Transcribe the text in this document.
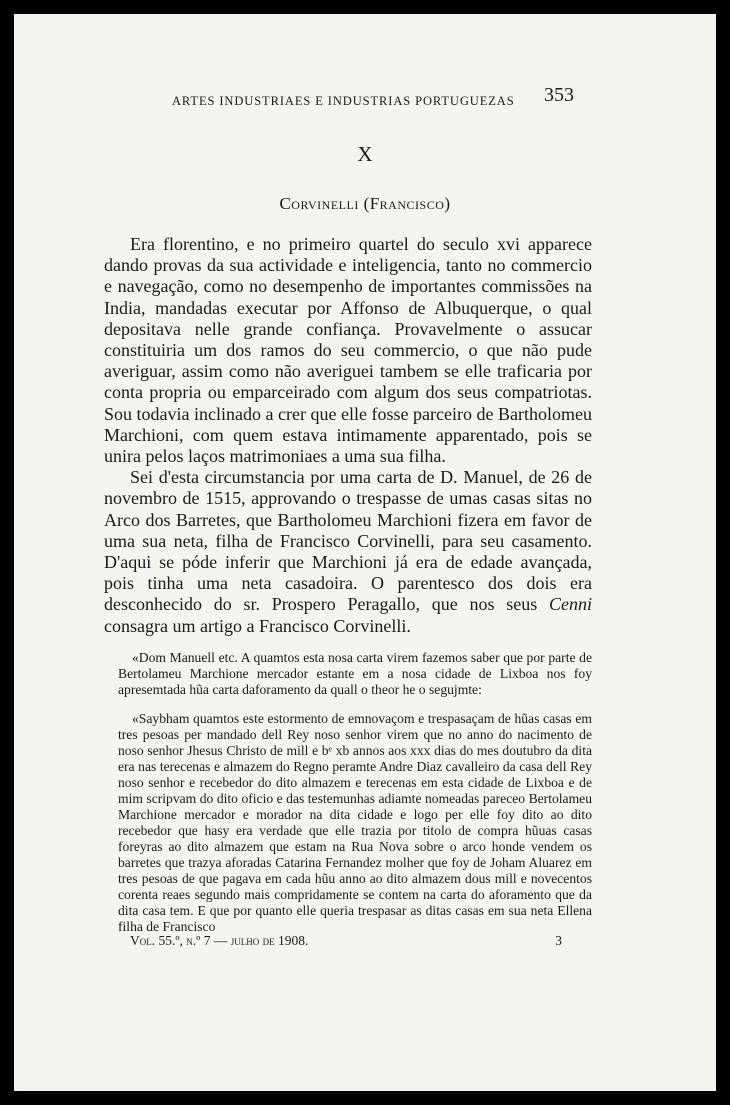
ARTES INDUSTRIAES E INDUSTRIAS PORTUGUEZAS	353
X
Corvinelli (Francisco)

Era florentino, e no primeiro quartel do seculo xvi apparece dando provas da sua actividade e inteligencia, tanto no commercio e navegação, como no desempenho de importantes commissões na India, mandadas executar por Affonso de Albuquerque, o qual depositava nelle grande confiança. Provavelmente o assucar constituiria um dos ramos do seu commercio, o que não pude averiguar, assim como não averiguei tambem se elle traficaria por conta propria ou emparceirado com algum dos seus compatriotas. Sou todavia inclinado a crer que elle fosse parceiro de Bartholomeu Marchioni, com quem estava intimamente apparentado, pois se unira pelos laços matrimoniaes a uma sua filha.

Sei d'esta circumstancia por uma carta de D. Manuel, de 26 de novembro de 1515, approvando o trespasse de umas casas sitas no Arco dos Barretes, que Bartholomeu Marchioni fizera em favor de uma sua neta, filha de Francisco Corvinelli, para seu casamento. D'aqui se póde inferir que Marchioni já era de edade avançada, pois tinha uma neta casadoira. O parentesco dos dois era desconhecido do sr. Prospero Peragallo, que nos seus Cenni consagra um artigo a Francisco Corvinelli.

«Dom Manuell etc. A quamtos esta nosa carta virem fazemos saber que por parte de Bertolameu Marchione mercador estante em a nosa cidade de Lixboa nos foy apresemtada hũa carta daforamento da quall o theor he o segujmte:

«Saybham quamtos este estormento de emnovaçom e trespasaçam de hũas casas em tres pesoas per mandado dell Rey noso senhor virem que no anno do nacimento de noso senhor Jhesus Christo de mill e bᵉ xb annos aos xxx dias do mes doutubro da dita era nas terecenas e almazem do Regno peramte Andre Diaz cavalleiro da casa dell Rey noso senhor e recebedor do dito almazem e terecenas em esta cidade de Lixboa e de mim scripvam do dito oficio e das testemunhas adiamte nomeadas pareceo Bertolameu Marchione mercador e morador na dita cidade e logo per elle foy dito ao dito recebedor que hasy era verdade que elle trazia por titolo de compra hũuas casas foreyras ao dito almazem que estam na Rua Nova sobre o arco honde vendem os barretes que trazya aforadas Catarina Fernandez molher que foy de Joham Aluarez em tres pesoas de que pagava em cada hũu anno ao dito almazem dous mill e novecentos corenta reaes segundo mais compridamente se contem na carta do aforamento que da dita casa tem. E que por quanto elle queria trespasar as ditas casas em sua neta Ellena filha de Francisco

Vol. 55.º, n.º 7 — julho de 1908.	3
